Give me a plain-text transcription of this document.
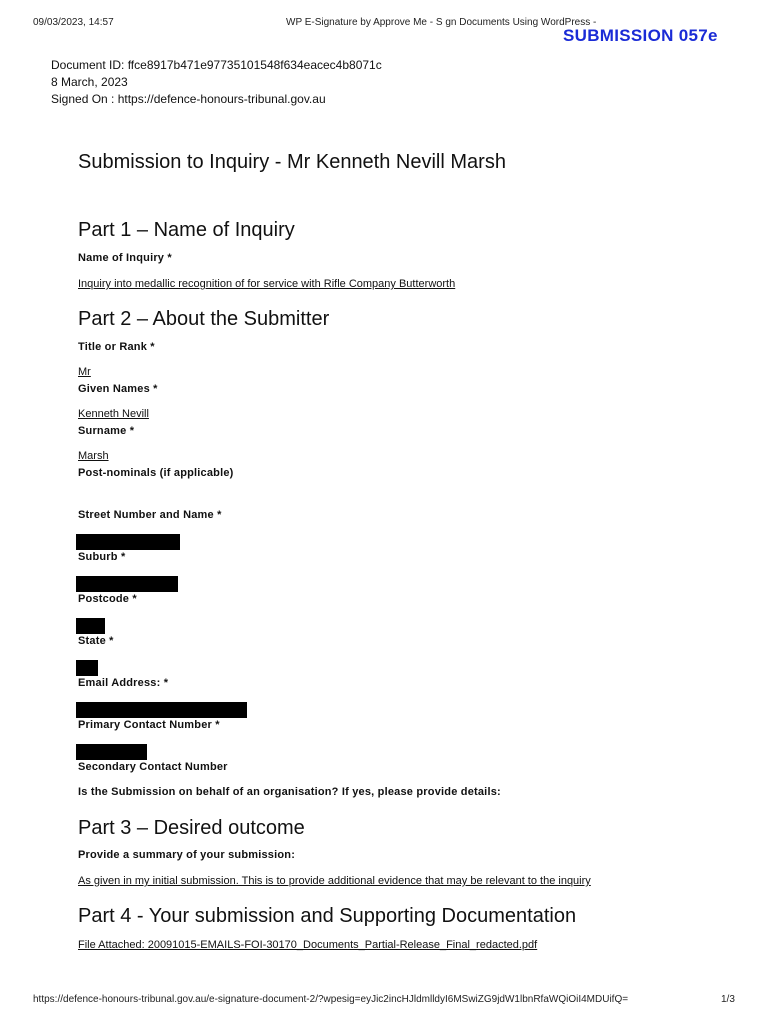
09/03/2023, 14:57	WP E-Signature by Approve Me - S gn Documents Using WordPress -
SUBMISSION 057e
Document ID: ffce8917b471e97735101548f634eacec4b8071c
8 March, 2023
Signed On : https://defence-honours-tribunal.gov.au
Submission to Inquiry - Mr Kenneth Nevill Marsh
Part 1 – Name of Inquiry
Name of Inquiry *
Inquiry into medallic recognition of for service with Rifle Company Butterworth
Part 2 – About the Submitter
Title or Rank *
Mr
Given Names *
Kenneth Nevill
Surname *
Marsh
Post-nominals (if applicable)
Street Number and Name *
Suburb *
Postcode *
State *
Email Address: *
Primary Contact Number *
Secondary Contact Number
Is the Submission on behalf of an organisation? If yes, please provide details:
Part 3 – Desired outcome
Provide a summary of your submission:
As given in my initial submission. This is to provide additional evidence that may be relevant to the inquiry
Part 4 - Your submission and Supporting Documentation
File Attached: 20091015-EMAILS-FOI-30170_Documents_Partial-Release_Final_redacted.pdf
https://defence-honours-tribunal.gov.au/e-signature-document-2/?wpesig=eyJic2incHJldmlldyI6MSwiZG9jdW1lbnRfaWQiOiI4MDUifQ=	1/3
